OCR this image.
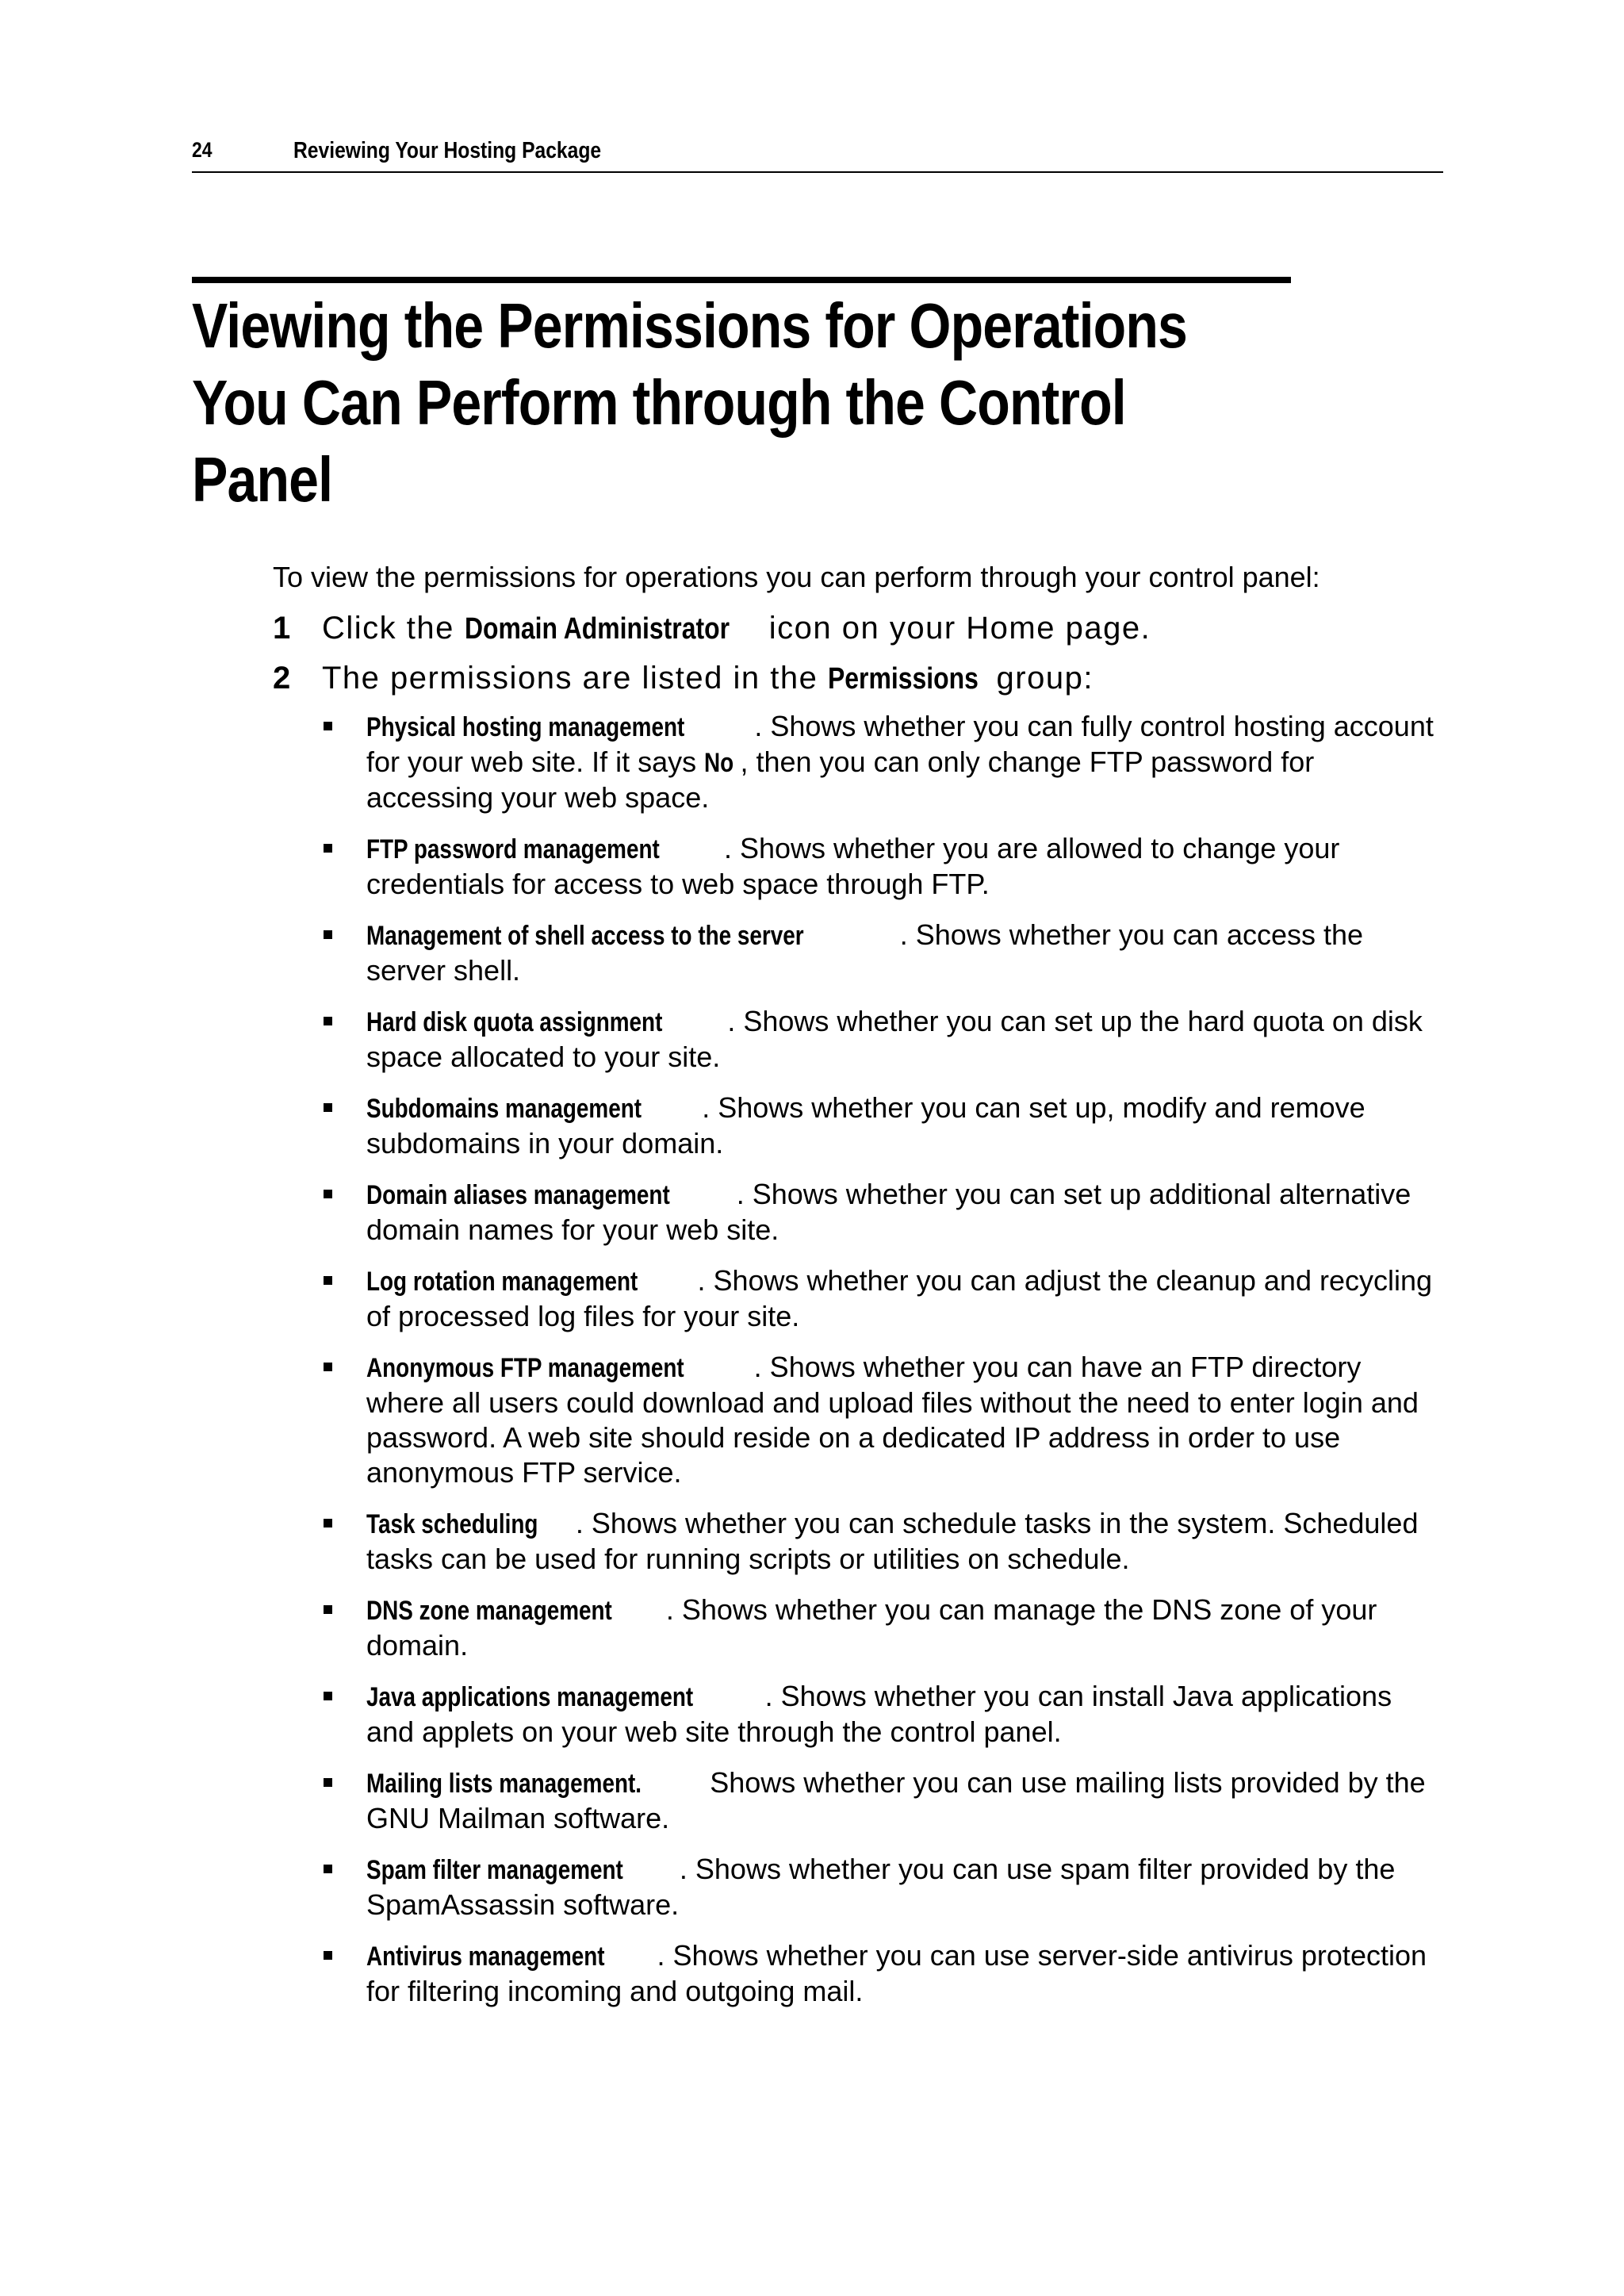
24	Reviewing Your Hosting Package
Viewing the Permissions for Operations
You Can Perform through the Control
Panel

To view the permissions for operations you can perform through your control panel:

1 Click the Domain Administrator icon on your Home page.
2 The permissions are listed in the Permissions group:
Physical hosting management . Shows whether you can fully control hosting account for your web site. If it says No , then you can only change FTP password for accessing your web space.
FTP password management . Shows whether you are allowed to change your credentials for access to web space through FTP.
Management of shell access to the server	. Shows whether you can access the server shell.
Hard disk quota assignment . Shows whether you can set up the hard quota on disk space allocated to your site.
Subdomains management . Shows whether you can set up, modify and remove subdomains in your domain.
Domain aliases management . Shows whether you can set up additional alternative domain names for your web site.
Log rotation management . Shows whether you can adjust the cleanup and recycling of processed log files for your site.
Anonymous FTP management . Shows whether you can have an FTP directory where all users could download and upload files without the need to enter login and password. A web site should reside on a dedicated IP address in order to use anonymous FTP service.
Task scheduling . Shows whether you can schedule tasks in the system. Scheduled tasks can be used for running scripts or utilities on schedule.
DNS zone management . Shows whether you can manage the DNS zone of your domain.
Java applications management	. Shows whether you can install Java applications and applets on your web site through the control panel.
Mailing lists management. Shows whether you can use mailing lists provided by the GNU Mailman software.
Spam filter management . Shows whether you can use spam filter provided by the SpamAssassin software.
Antivirus management . Shows whether you can use server-side antivirus protection for filtering incoming and outgoing mail.
